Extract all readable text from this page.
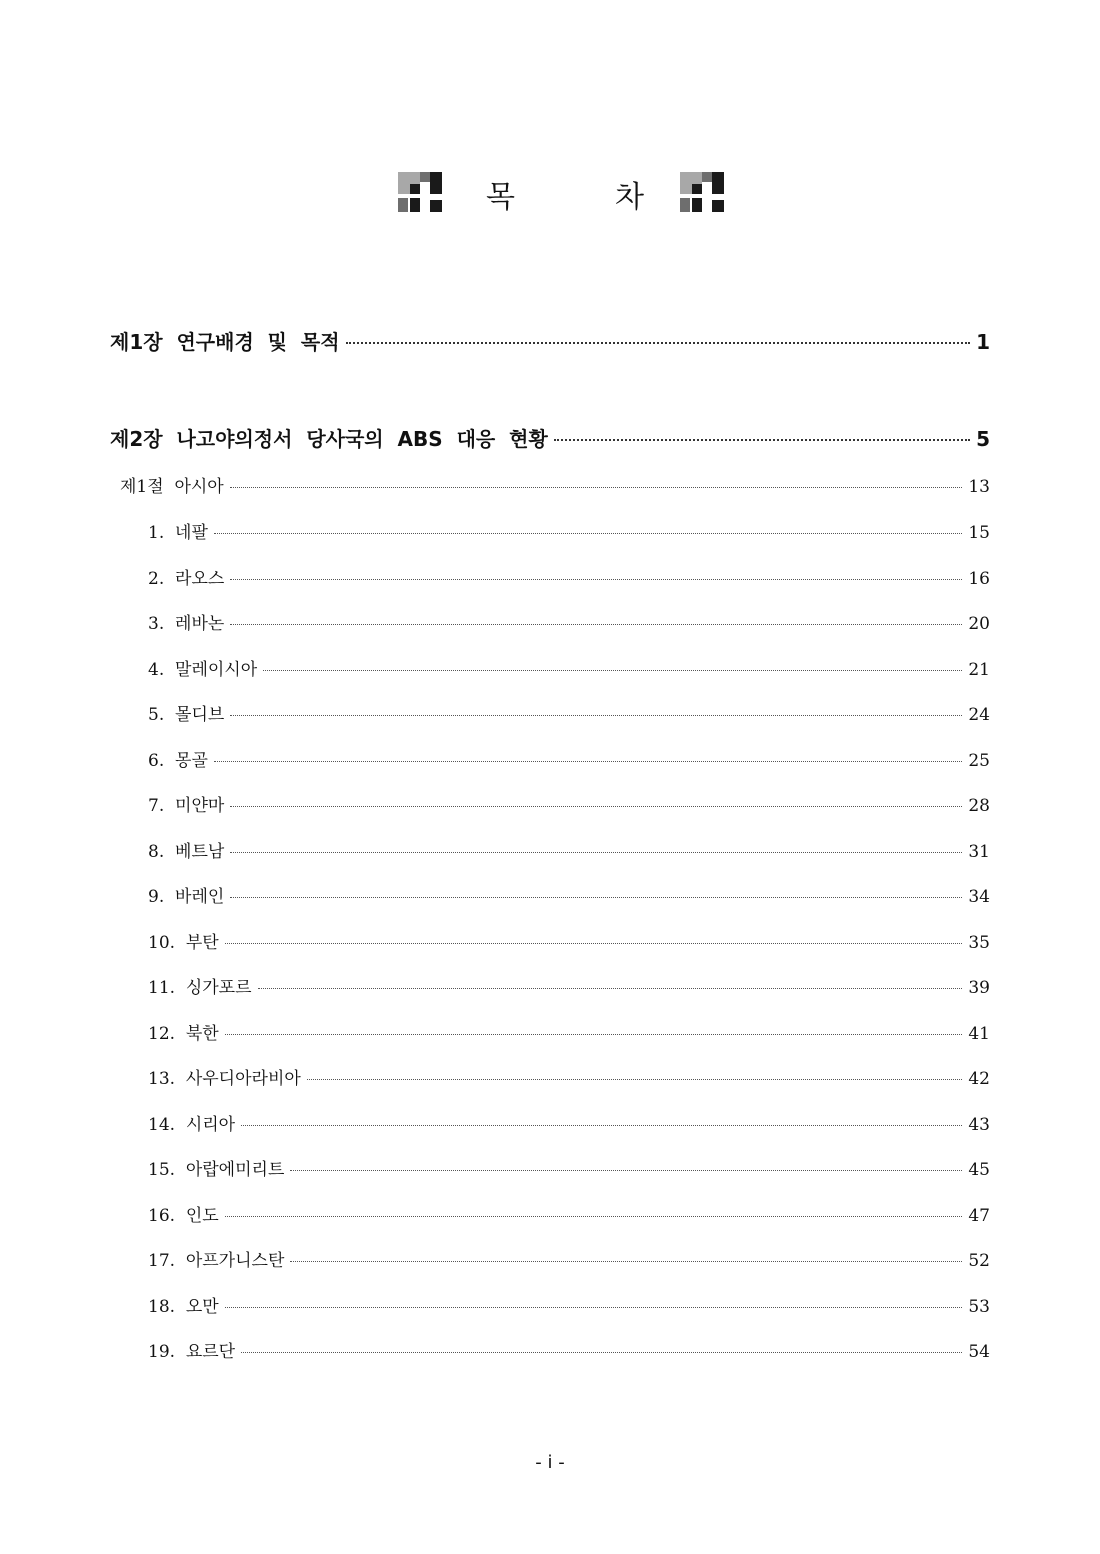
목	차
제1장  연구배경  및  목적	1
제2장  나고야의정서  당사국의  ABS  대응  현황	5
제1절  아시아	13
1.  네팔	15
2.  라오스	16
3.  레바논	20
4.  말레이시아	21
5.  몰디브	24
6.  몽골	25
7.  미얀마	28
8.  베트남	31
9.  바레인	34
10.  부탄	35
11.  싱가포르	39
12.  북한	41
13.  사우디아라비아	42
14.  시리아	43
15.  아랍에미리트	45
16.  인도	47
17.  아프가니스탄	52
18.  오만	53
19.  요르단	54
- i -
